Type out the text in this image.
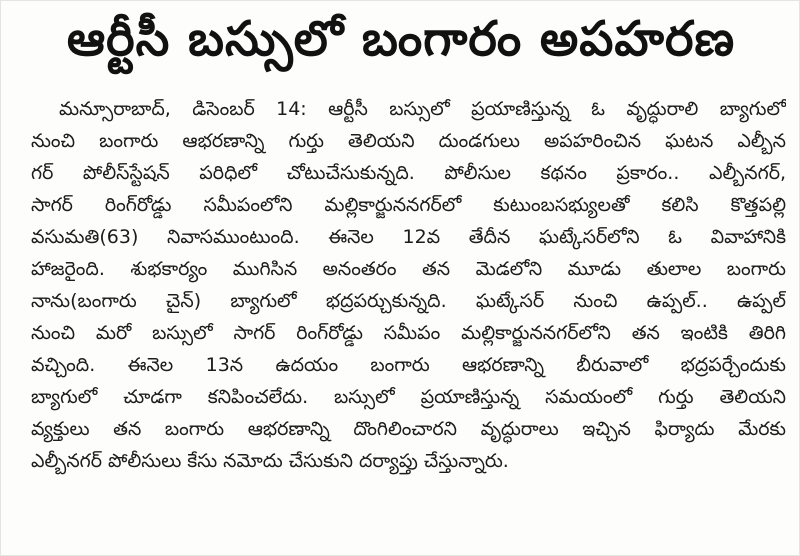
ఆర్టీసీ బస్సులో బంగారం అపహరణ
మన్సూరాబాద్, డిసెంబర్ 14: ఆర్టీసీ బస్సులో ప్రయాణిస్తున్న ఓ వృద్ధురాలి బ్యాగులో
నుంచి బంగారు ఆభరణాన్ని గుర్తు తెలియని దుండగులు అపహరించిన ఘటన ఎల్బీన
గర్ పోలీస్‌స్టేషన్ పరిధిలో చోటుచేసుకున్నది. పోలీసుల కథనం ప్రకారం.. ఎల్బీనగర్,
సాగర్ రింగ్‌రోడ్డు సమీపంలోని మల్లికార్జుననగర్‌లో కుటుంబసభ్యులతో కలిసి కొత్తపల్లి
వసుమతి(63) నివాసముంటుంది. ఈనెల 12వ తేదీన ఘట్కేసర్‌లోని ఓ వివాహానికి
హాజరైంది. శుభకార్యం ముగిసిన అనంతరం తన మెడలోని మూడు తులాల బంగారు
నాను(బంగారు చైన్) బ్యాగులో భద్రపర్చుకున్నది. ఘట్కేసర్ నుంచి ఉప్పల్.. ఉప్పల్
నుంచి మరో బస్సులో సాగర్ రింగ్‌రోడ్డు సమీపం మల్లికార్జుననగర్‌లోని తన ఇంటికి తిరిగి
వచ్చింది. ఈనెల 13న ఉదయం బంగారు ఆభరణాన్ని బీరువాలో భద్రపర్చేందుకు
బ్యాగులో చూడగా కనిపించలేదు. బస్సులో ప్రయాణిస్తున్న సమయంలో గుర్తు తెలియని
వ్యక్తులు తన బంగారు ఆభరణాన్ని దొంగిలించారని వృద్ధురాలు ఇచ్చిన ఫిర్యాదు మేరకు
ఎల్బీనగర్ పోలీసులు కేసు నమోదు చేసుకుని దర్యాప్తు చేస్తున్నారు.
